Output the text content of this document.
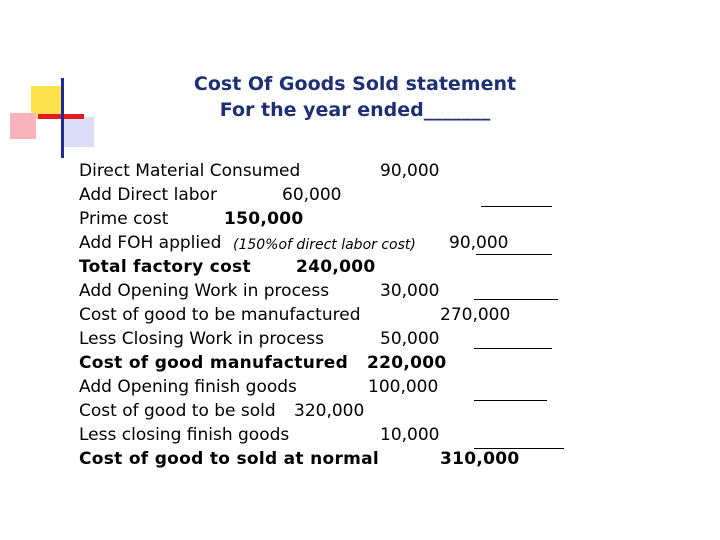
Cost Of Goods Sold statement
For the year ended_______
Direct Material Consumed	90,000
Add Direct labor	60,000
Prime cost	150,000
Add FOH applied (150%of direct labor cost) 90,000
Total factory cost	240,000
Add Opening Work in process	30,000
Cost of good to be manufactured	270,000
Less Closing Work in process	50,000
Cost of good manufactured 220,000
Add Opening finish goods	100,000
Cost of good to be sold 320,000
Less closing finish goods	10,000
Cost of good to sold at normal	310,000
